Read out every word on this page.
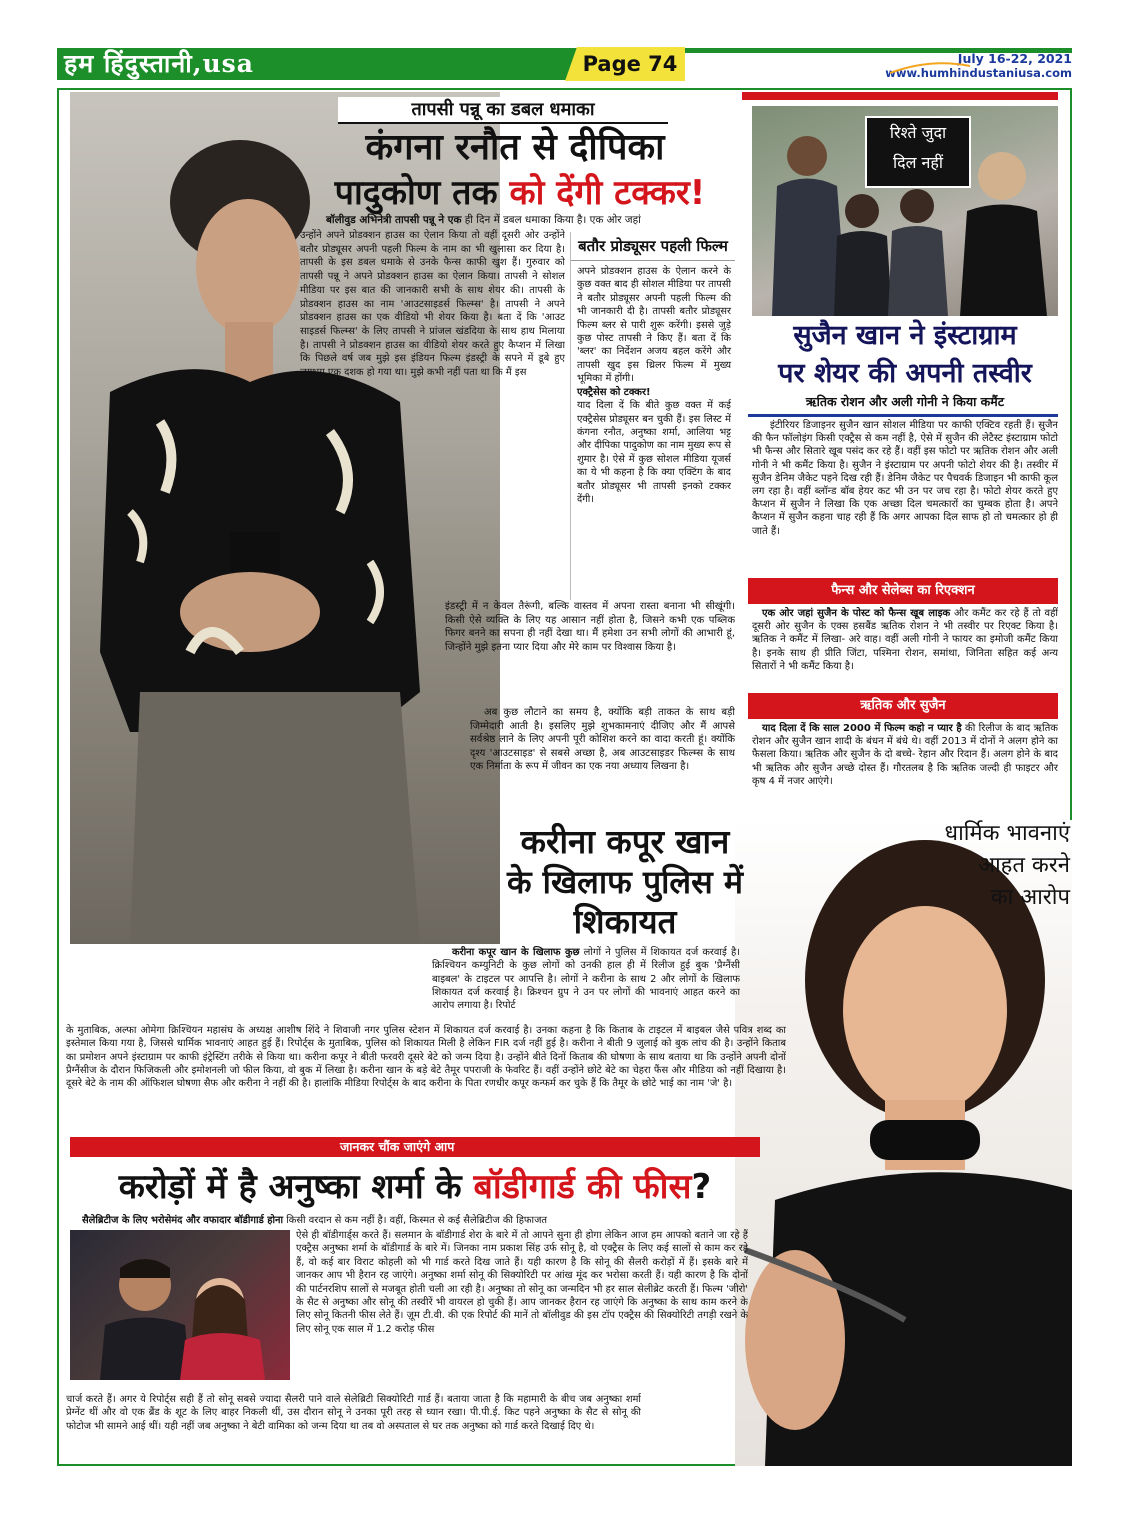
हम हिंदुस्तानी,usa	Page 74	July 16-22, 2021
www.humhindustaniusa.com
तापसी पन्नू का डबल धमाका
कंगना रनौत से दीपिका
पादुकोण तक को देंगी टक्कर!

बॉलीवुड अभिनेत्री तापसी पन्नू ने एक ही दिन में डबल धमाका किया है। एक ओर जहां

उन्होंने अपने प्रोडक्शन हाउस का ऐलान किया तो वहीं दूसरी ओर उन्होंने बतौर प्रोड्यूसर अपनी पहली फिल्म के नाम का भी खुलासा कर दिया है। तापसी के इस डबल धमाके से उनके फैन्स काफी खुश हैं। गुरुवार को तापसी पन्नू ने अपने प्रोडक्शन हाउस का ऐलान किया। तापसी ने सोशल मीडिया पर इस बात की जानकारी सभी के साथ शेयर की। तापसी के प्रोडक्शन हाउस का नाम 'आउटसाइडर्स फिल्म्स' है। तापसी ने अपने प्रोडक्शन हाउस का एक वीडियो भी शेयर किया है। बता दें कि 'आउट साइडर्स फिल्म्स' के लिए तापसी ने प्रांजल खंडदिया के साथ हाथ मिलाया है। तापसी ने प्रोडक्शन हाउस का वीडियो शेयर करते हुए कैप्शन में लिखा कि पिछले वर्ष जब मुझे इस इंडियन फिल्म इंडस्ट्री के सपने में डूबे हुए लगभग एक दशक हो गया था। मुझे कभी नहीं पता था कि मैं इस

बतौर प्रोड्यूसर पहली फिल्म

अपने प्रोडक्शन हाउस के ऐलान करने के कुछ वक्त बाद ही सोशल मीडिया पर तापसी ने बतौर प्रोड्यूसर अपनी पहली फिल्म की भी जानकारी दी है। तापसी बतौर प्रोड्यूसर फिल्म ब्लर से पारी शुरू करेंगी। इससे जुड़े कुछ पोस्ट तापसी ने किए हैं। बता दें कि 'ब्लर' का निर्देशन अजय बहल करेंगे और तापसी खुद इस थ्रिलर फिल्म में मुख्य भूमिका में होंगी।

एक्ट्रैसेस को टक्कर!

याद दिला दें कि बीते कुछ वक्त में कई एक्ट्रैसेस प्रोड्यूसर बन चुकी हैं। इस लिस्ट में कंगना रनौत, अनुष्का शर्मा, आलिया भट्ट और दीपिका पादुकोण का नाम मुख्य रूप से शुमार है। ऐसे में कुछ सोशल मीडिया यूजर्स का ये भी कहना है कि क्या एक्टिंग के बाद बतौर प्रोड्यूसर भी तापसी इनको टक्कर देंगी।

इंडस्ट्री में न केवल तैरूंगी, बल्कि वास्तव में अपना रास्ता बनाना भी सीखूंगी। किसी ऐसे व्यक्ति के लिए यह आसान नहीं होता है, जिसने कभी एक पब्लिक फिगर बनने का सपना ही नहीं देखा था। मैं हमेशा उन सभी लोगों की आभारी हूं, जिन्होंने मुझे इतना प्यार दिया और मेरे काम पर विश्वास किया है।

अब कुछ लौटाने का समय है, क्योंकि बड़ी ताकत के साथ बड़ी जिम्मेदारी आती है। इसलिए मुझे शुभकामनाएं दीजिए और मैं आपसे सर्वश्रेष्ठ लाने के लिए अपनी पूरी कोशिश करने का वादा करती हूं। क्योंकि दृश्य 'आउटसाइड' से सबसे अच्छा है, अब आउटसाइडर फिल्म्स के साथ एक निर्माता के रूप में जीवन का एक नया अध्याय लिखना है।

रिश्ते जुदा
दिल नहीं
सुजैन खान ने इंस्टाग्राम
पर शेयर की अपनी तस्वीर
ऋतिक रोशन और अली गोनी ने किया कमैंट

इंटीरियर डिजाइनर सुजैन खान सोशल मीडिया पर काफी एक्टिव रहती हैं। सुजैन की फैन फॉलोइंग किसी एक्ट्रैस से कम नहीं है, ऐसे में सुजैन की लेटैस्ट इंस्टाग्राम फोटो भी फैन्स और सितारे खूब पसंद कर रहे हैं। वहीं इस फोटो पर ऋतिक रोशन और अली गोनी ने भी कमैंट किया है। सुजैन ने इंस्टाग्राम पर अपनी फोटो शेयर की है। तस्वीर में सुजैन डेनिम जैकेट पहने दिख रही हैं। डेनिम जैकेट पर पैचवर्क डिजाइन भी काफी कूल लग रहा है। वहीं ब्लॉन्ड बॉब हेयर कट भी उन पर जच रहा है। फोटो शेयर करते हुए कैप्शन में सुजैन ने लिखा कि एक अच्छा दिल चमत्कारों का चुम्बक होता है। अपने कैप्शन में सुजैन कहना चाह रही हैं कि अगर आपका दिल साफ हो तो चमत्कार हो ही जाते हैं।

फैन्स और सेलेब्स का रिएक्शन

एक ओर जहां सुजैन के पोस्ट को फैन्स खूब लाइक और कमैंट कर रहे हैं तो वहीं दूसरी ओर सुजैन के एक्स हसबैंड ऋतिक रोशन ने भी तस्वीर पर रिएक्ट किया है। ऋतिक ने कमैंट में लिखा- अरे वाह। वहीं अली गोनी ने फायर का इमोजी कमैंट किया है। इनके साथ ही प्रीति जिंटा, पश्मिना रोशन, समांथा, जिनिता सहित कई अन्य सितारों ने भी कमैंट किया है।

ऋतिक और सुजैन

याद दिला दें कि साल 2000 में फिल्म कहो न प्यार है की रिलीज के बाद ऋतिक रोशन और सुजैन खान शादी के बंधन में बंधे थे। वहीं 2013 में दोनों ने अलग होने का फैसला किया। ऋतिक और सुजैन के दो बच्चे- रेहान और रिदान हैं। अलग होने के बाद भी ऋतिक और सुजैन अच्छे दोस्त हैं। गौरतलब है कि ऋतिक जल्दी ही फाइटर और कृष 4 में नजर आएंगे।

करीना कपूर खान
के खिलाफ पुलिस में
शिकायत
धार्मिक भावनाएं
आहत करने
का आरोप

करीना कपूर खान के खिलाफ कुछ लोगों ने पुलिस में शिकायत दर्ज करवाई है। क्रिश्चियन कम्युनिटी के कुछ लोगों को उनकी हाल ही में रिलीज हुई बुक 'प्रैग्नैंसी बाइबल' के टाइटल पर आपत्ति है। लोगों ने करीना के साथ 2 और लोगों के खिलाफ शिकायत दर्ज करवाई है। क्रिश्चन ग्रुप ने उन पर लोगों की भावनाएं आहत करने का आरोप लगाया है। रिपोर्ट

के मुताबिक, अल्फा ओमेगा क्रिश्चियन महासंघ के अध्यक्ष आशीष शिंदे ने शिवाजी नगर पुलिस स्टेशन में शिकायत दर्ज करवाई है। उनका कहना है कि किताब के टाइटल में बाइबल जैसे पवित्र शब्द का इस्तेमाल किया गया है, जिससे धार्मिक भावनाएं आहत हुई हैं। रिपोर्ट्स के मुताबिक, पुलिस को शिकायत मिली है लेकिन FIR दर्ज नहीं हुई है। करीना ने बीती 9 जुलाई को बुक लांच की है। उन्होंने किताब का प्रमोशन अपने इंस्टाग्राम पर काफी इंट्रेस्टिंग तरीके से किया था। करीना कपूर ने बीती फरवरी दूसरे बेटे को जन्म दिया है। उन्होंने बीते दिनों किताब की घोषणा के साथ बताया था कि उन्होंने अपनी दोनों प्रैग्नैंसीज के दौरान फिजिकली और इमोशनली जो फील किया, वो बुक में लिखा है। करीना खान के बड़े बेटे तैमूर पपराजी के फेवरिट हैं। वहीं उन्होंने छोटे बेटे का चेहरा फैंस और मीडिया को नहीं दिखाया है। दूसरे बेटे के नाम की ऑफिशल घोषणा सैफ और करीना ने नहीं की है। हालांकि मीडिया रिपोर्ट्स के बाद करीना के पिता रणधीर कपूर कन्फर्म कर चुके हैं कि तैमूर के छोटे भाई का नाम 'जे' है।

जानकर चौंक जाएंगे आप
करोड़ों में है अनुष्का शर्मा के बॉडीगार्ड की फीस?

सैलेब्रिटीज के लिए भरोसेमंद और वफादार बॉडीगार्ड होना किसी वरदान से कम नहीं है। वहीं, किस्मत से कई सैलेब्रिटीज की हिफाजत

ऐसे ही बॉडीगार्ड्स करते हैं। सलमान के बॉडीगार्ड शेरा के बारे में तो आपने सुना ही होगा लेकिन आज हम आपको बताने जा रहे हैं एक्ट्रैस अनुष्का शर्मा के बॉडीगार्ड के बारे में। जिनका नाम प्रकाश सिंह उर्फ सोनू है, वो एक्ट्रैस के लिए कई सालों से काम कर रहे हैं, वो कई बार विराट कोहली को भी गार्ड करते दिख जाते हैं। यही कारण है कि सोनू की सैलरी करोड़ों में हैं। इसके बारे में जानकर आप भी हैरान रह जाएंगे। अनुष्का शर्मा सोनू की सिक्योरिटी पर आंख मूंद कर भरोसा करती हैं। यही कारण है कि दोनों की पार्टनरशिप सालों से मजबूत होती चली आ रही है। अनुष्का तो सोनू का जन्मदिन भी हर साल सेलीब्रेट करती हैं। फिल्म 'जीरो' के सैट से अनुष्का और सोनू की तस्वीरें भी वायरल हो चुकी हैं। आप जानकर हैरान रह जाएंगे कि अनुष्का के साथ काम करने के लिए सोनू कितनी फीस लेते हैं। ज़ूम टी.वी. की एक रिपोर्ट की मानें तो बॉलीवुड की इस टॉप एक्ट्रैस की सिक्योरिटी तगड़ी रखने के लिए सोनू एक साल में 1.2 करोड़ फीस

चार्ज करते हैं। अगर ये रिपोर्ट्स सही हैं तो सोनू सबसे ज्यादा सैलरी पाने वाले सेलेब्रिटी सिक्योरिटी गार्ड हैं। बताया जाता है कि महामारी के बीच जब अनुष्का शर्मा प्रेग्नेंट थीं और वो एक ब्रैंड के शूट के लिए बाहर निकली थीं, उस दौरान सोनू ने उनका पूरी तरह से ध्यान रखा। पी.पी.ई. किट पहने अनुष्का के सैट से सोनू की फोटोज भी सामने आई थीं। यही नहीं जब अनुष्का ने बेटी वामिका को जन्म दिया था तब वो अस्पताल से घर तक अनुष्का को गार्ड करते दिखाई दिए थे।
